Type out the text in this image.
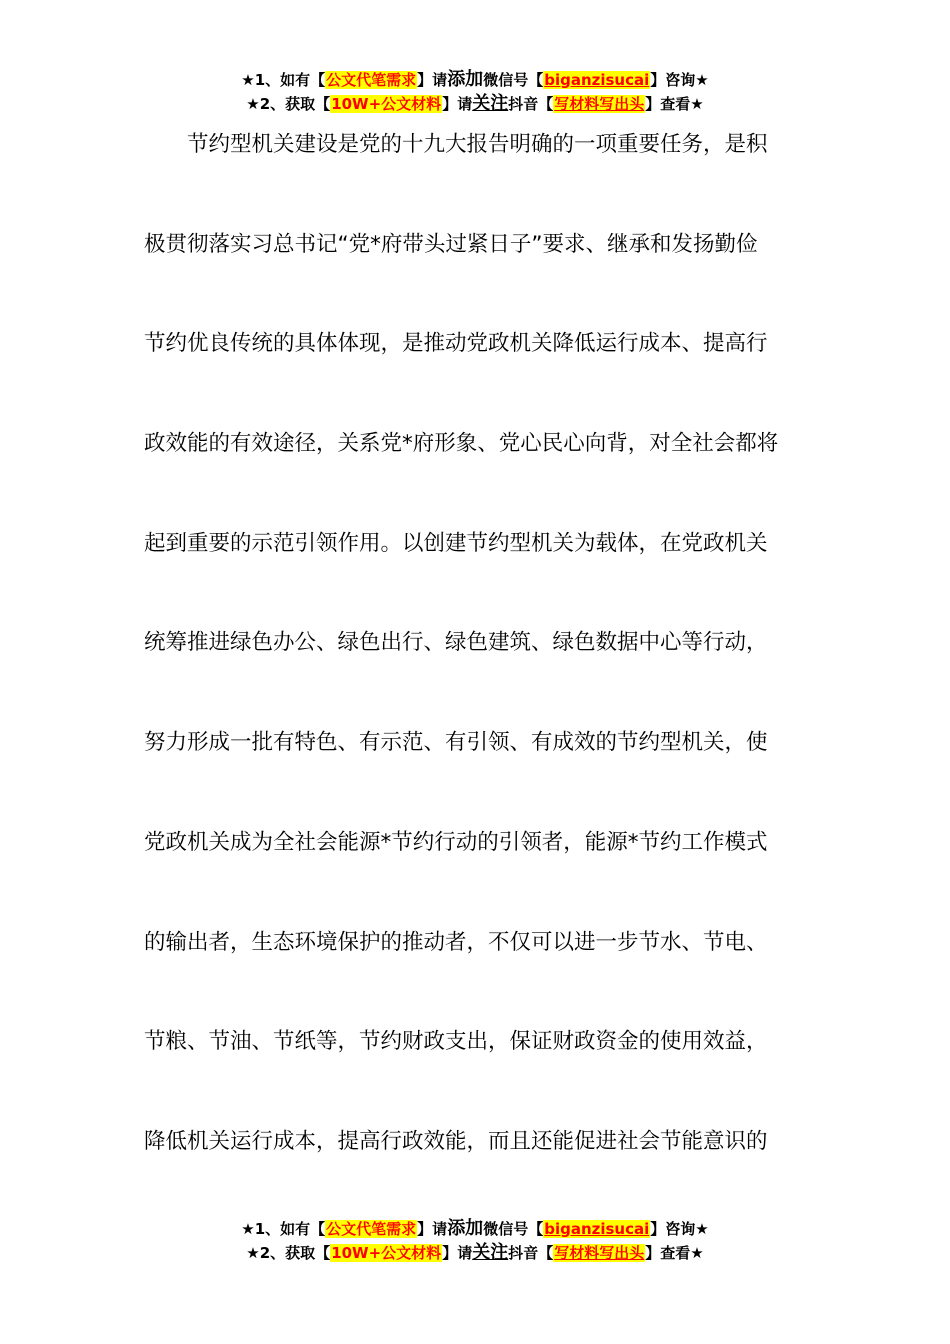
★1、如有【公文代笔需求】请添加微信号【biganzisucai】咨询★
★2、获取【10W+公文材料】请关注抖音【写材料写出头】查看★
节约型机关建设是党的十九大报告明确的一项重要任务，是积
极贯彻落实习总书记“党*府带头过紧日子”要求、继承和发扬勤俭
节约优良传统的具体体现，是推动党政机关降低运行成本、提高行
政效能的有效途径，关系党*府形象、党心民心向背，对全社会都将
起到重要的示范引领作用。以创建节约型机关为载体，在党政机关
统筹推进绿色办公、绿色出行、绿色建筑、绿色数据中心等行动，
努力形成一批有特色、有示范、有引领、有成效的节约型机关，使
党政机关成为全社会能源*节约行动的引领者，能源*节约工作模式
的输出者，生态环境保护的推动者，不仅可以进一步节水、节电、
节粮、节油、节纸等，节约财政支出，保证财政资金的使用效益，
降低机关运行成本，提高行政效能，而且还能促进社会节能意识的
★1、如有【公文代笔需求】请添加微信号【biganzisucai】咨询★
★2、获取【10W+公文材料】请关注抖音【写材料写出头】查看★
